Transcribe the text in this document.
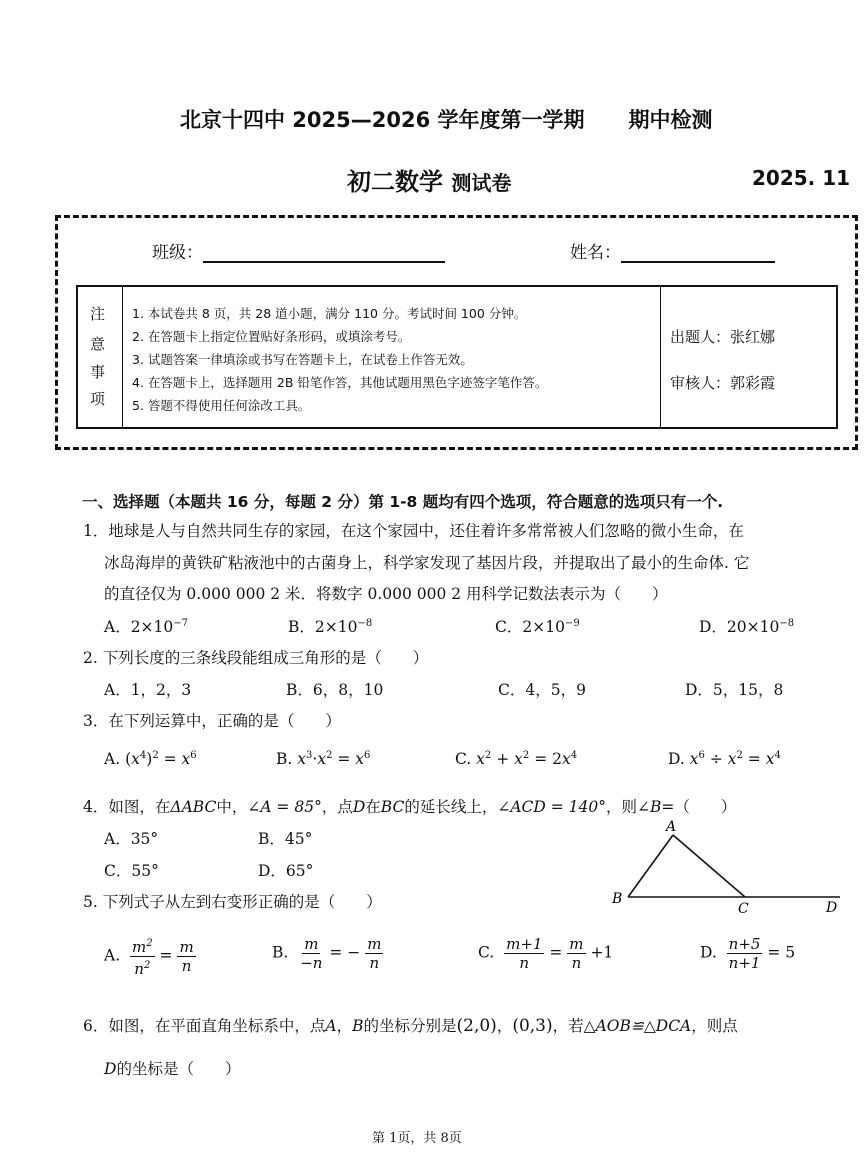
北京十四中 2025—2026 学年度第一学期 期中检测
初二数学 测试卷	2025. 11
班级：	姓名：
注
意
事
项
1. 本试卷共 8 页，共 28 道小题，满分 110 分。考试时间 100 分钟。
2. 在答题卡上指定位置贴好条形码，或填涂考号。
3. 试题答案一律填涂或书写在答题卡上，在试卷上作答无效。
4. 在答题卡上，选择题用 2B 铅笔作答，其他试题用黑色字迹签字笔作答。
5. 答题不得使用任何涂改工具。
出题人：张红娜
审核人：郭彩霞
一、选择题（本题共 16 分，每题 2 分）第 1-8 题均有四个选项，符合题意的选项只有一个.
1．地球是人与自然共同生存的家园，在这个家园中，还住着许多常常被人们忽略的微小生命，在
冰岛海岸的黄铁矿粘液池中的古菌身上，科学家发现了基因片段，并提取出了最小的生命体. 它
的直径仅为 0.000 000 2 米．将数字 0.000 000 2 用科学记数法表示为（　　）
A．$2\times 10^{-7}$	B．$2\times 10^{-8}$	C．$2\times 10^{-9}$	D．$20\times 10^{-8}$
2. 下列长度的三条线段能组成三角形的是（　　）
A．1，2，3	B．6，8，10	C．4，5，9	D．5，15，8
3．在下列运算中，正确的是（　　）
A. $(x^4)^2 = x^6$	B. $x^3\cdot x^2 = x^6$	C. $x^2 + x^2 = 2x^4$	D. $x^6 \div x^2 = x^4$
4．如图，在ΔABC中，∠A = 85°，点D在BC的延长线上，∠ACD = 140°，则∠B=（　　）
A．35°	B．45°
C．55°	D．65°
A
B
C	D
5. 下列式子从左到右变形正确的是（　　）
A. $\frac{m^2}{n^2} = \frac{m}{n}$	B. $\frac{m}{-n}$ = − $\frac{m}{n}$	C. $\frac{m+1}{n} = \frac{m}{n} +1$	D. $\frac{n+5}{n+1} = 5$
6．如图，在平面直角坐标系中，点A，B的坐标分别是(2,0)，(0,3)，若△AOB≌△DCA，则点
D的坐标是（　　）
第 1页，共 8页
